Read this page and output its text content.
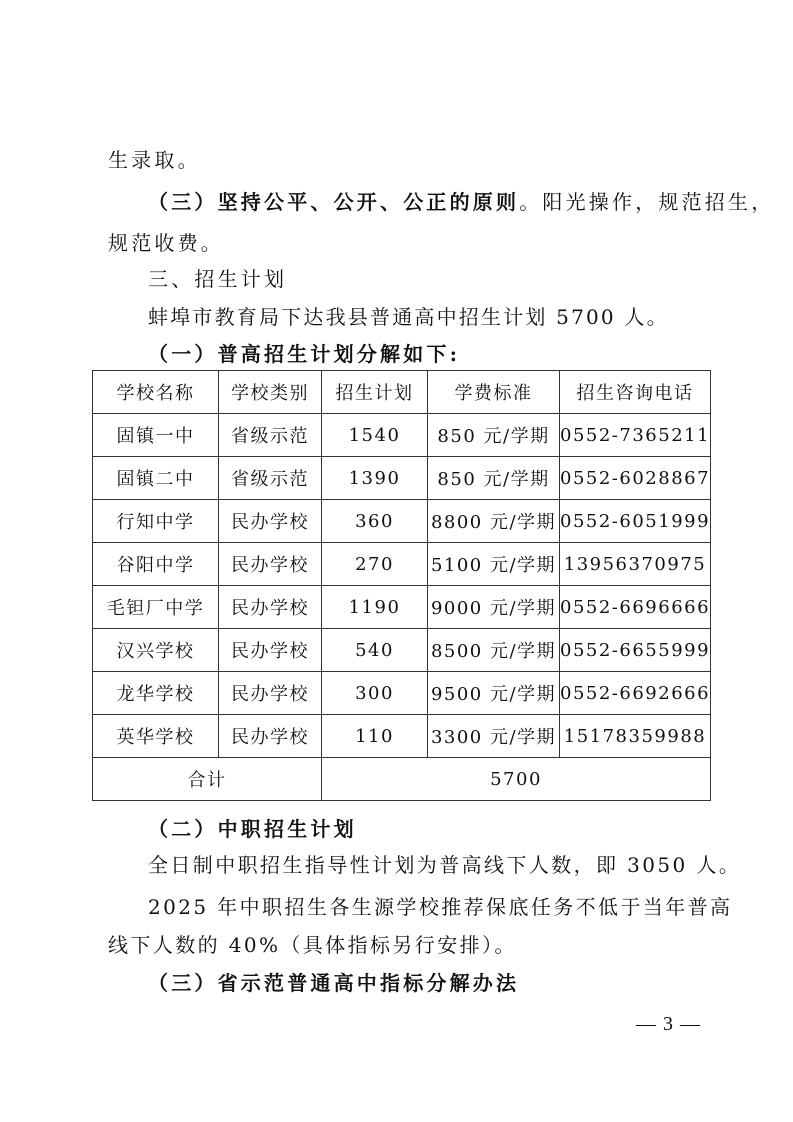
生录取。
（三）坚持公平、公开、公正的原则。阳光操作，规范招生，
规范收费。
三、招生计划
蚌埠市教育局下达我县普通高中招生计划 5700 人。
（一）普高招生计划分解如下:
学校名称	学校类别	招生计划	学费标准	招生咨询电话
固镇一中	省级示范	1540	850 元/学期	0552-7365211
固镇二中	省级示范	1390	850 元/学期	0552-6028867
行知中学	民办学校	360	8800 元/学期	0552-6051999
谷阳中学	民办学校	270	5100 元/学期	13956370975
毛钽厂中学	民办学校	1190	9000 元/学期	0552-6696666
汉兴学校	民办学校	540	8500 元/学期	0552-6655999
龙华学校	民办学校	300	9500 元/学期	0552-6692666
英华学校	民办学校	110	3300 元/学期	15178359988
合计		5700		
（二）中职招生计划
全日制中职招生指导性计划为普高线下人数，即 3050 人。
2025 年中职招生各生源学校推荐保底任务不低于当年普高
线下人数的 40%（具体指标另行安排）。
（三）省示范普通高中指标分解办法
— 3 —
